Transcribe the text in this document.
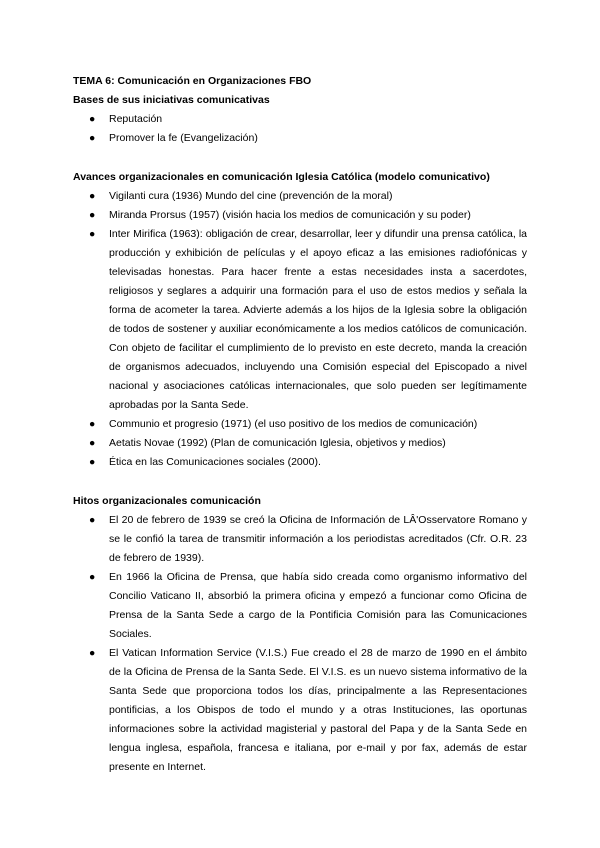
TEMA 6: Comunicación en Organizaciones FBO
Bases de sus iniciativas comunicativas
● Reputación
● Promover la fe (Evangelización)
Avances organizacionales en comunicación Iglesia Católica (modelo comunicativo)
● Vigilanti cura (1936) Mundo del cine (prevención de la moral)
● Miranda Prorsus (1957) (visión hacia los medios de comunicación y su poder)
● Inter Mirifica (1963): obligación de crear, desarrollar, leer y difundir una prensa católica, la producción y exhibición de películas y el apoyo eficaz a las emisiones radiofónicas y televisadas honestas. Para hacer frente a estas necesidades insta a sacerdotes, religiosos y seglares a adquirir una formación para el uso de estos medios y señala la forma de acometer la tarea. Advierte además a los hijos de la Iglesia sobre la obligación de todos de sostener y auxiliar económicamente a los medios católicos de comunicación. Con objeto de facilitar el cumplimiento de lo previsto en este decreto, manda la creación de organismos adecuados, incluyendo una Comisión especial del Episcopado a nivel nacional y asociaciones católicas internacionales, que solo pueden ser legítimamente aprobadas por la Santa Sede.
● Communio et progresio (1971) (el uso positivo de los medios de comunicación)
● Aetatis Novae (1992) (Plan de comunicación Iglesia, objetivos y medios)
● Ética en las Comunicaciones sociales (2000).
Hitos organizacionales comunicación
● El 20 de febrero de 1939 se creó la Oficina de Información de LÂ'Osservatore Romano y se le confió la tarea de transmitir información a los periodistas acreditados (Cfr. O.R. 23 de febrero de 1939).
● En 1966 la Oficina de Prensa, que había sido creada como organismo informativo del Concilio Vaticano II, absorbió la primera oficina y empezó a funcionar como Oficina de Prensa de la Santa Sede a cargo de la Pontificia Comisión para las Comunicaciones Sociales.
● El Vatican Information Service (V.I.S.) Fue creado el 28 de marzo de 1990 en el ámbito de la Oficina de Prensa de la Santa Sede. El V.I.S. es un nuevo sistema informativo de la Santa Sede que proporciona todos los días, principalmente a las Representaciones pontificias, a los Obispos de todo el mundo y a otras Instituciones, las oportunas informaciones sobre la actividad magisterial y pastoral del Papa y de la Santa Sede en lengua inglesa, española, francesa e italiana, por e-mail y por fax, además de estar presente en Internet.
